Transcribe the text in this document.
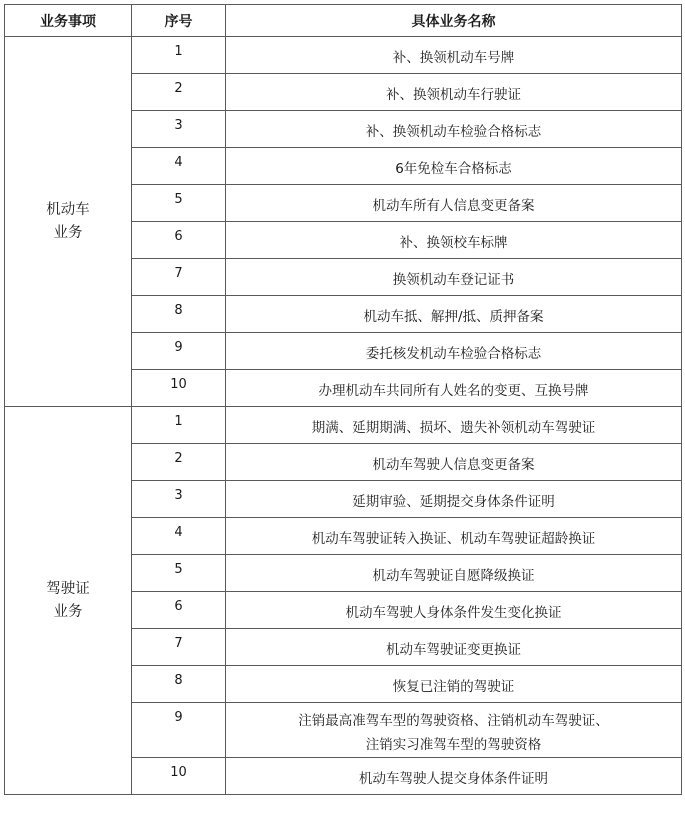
业务事项	序号	具体业务名称

机动车
业务	1	补、换领机动车号牌
	2	补、换领机动车行驶证
	3	补、换领机动车检验合格标志
	4	6年免检车合格标志
	5	机动车所有人信息变更备案
	6	补、换领校车标牌
	7	换领机动车登记证书
	8	机动车抵、解押/抵、质押备案
	9	委托核发机动车检验合格标志
	10	办理机动车共同所有人姓名的变更、互换号牌

驾驶证
业务	1	期满、延期期满、损坏、遗失补领机动车驾驶证
	2	机动车驾驶人信息变更备案
	3	延期审验、延期提交身体条件证明
	4	机动车驾驶证转入换证、机动车驾驶证超龄换证
	5	机动车驾驶证自愿降级换证
	6	机动车驾驶人身体条件发生变化换证
	7	机动车驾驶证变更换证
	8	恢复已注销的驾驶证
	9	注销最高准驾车型的驾驶资格、注销机动车驾驶证、
注销实习准驾车型的驾驶资格

	10	机动车驾驶人提交身体条件证明
